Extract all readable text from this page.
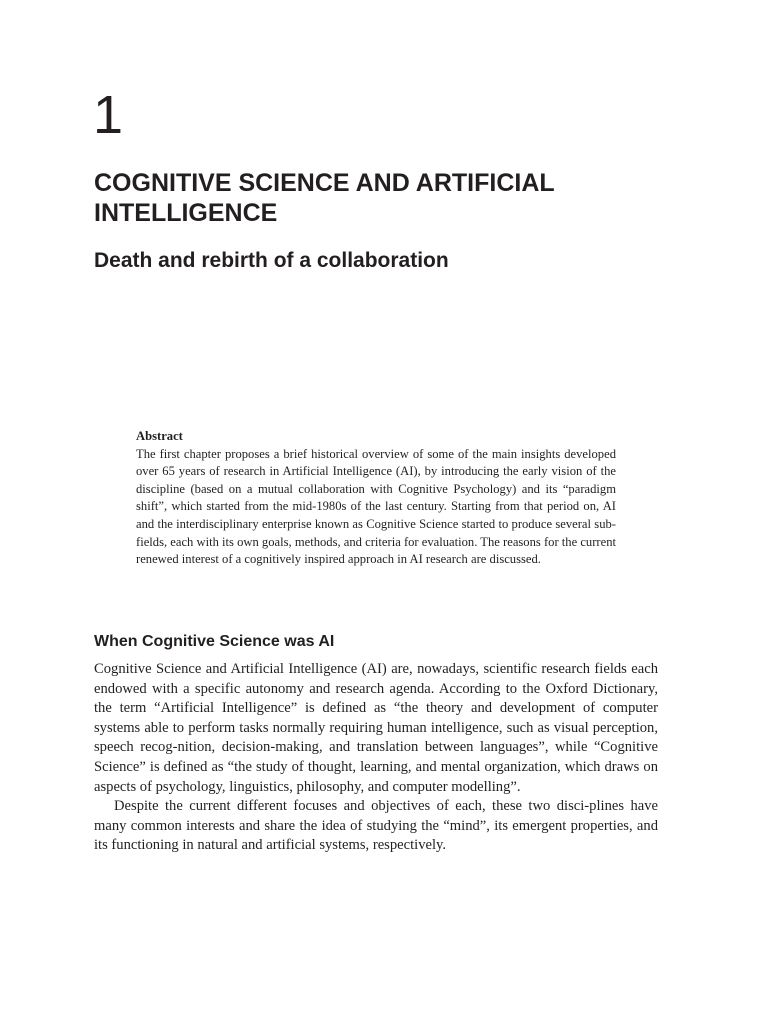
1
COGNITIVE SCIENCE AND ARTIFICIAL INTELLIGENCE
Death and rebirth of a collaboration

Abstract

The first chapter proposes a brief historical overview of some of the main insights developed over 65 years of research in Artificial Intelligence (AI), by introducing the early vision of the discipline (based on a mutual collaboration with Cognitive Psychology) and its “paradigm shift”, which started from the mid-1980s of the last century. Starting from that period on, AI and the interdisciplinary enterprise known as Cognitive Science started to produce several sub-fields, each with its own goals, methods, and criteria for evaluation. The reasons for the current renewed interest of a cognitively inspired approach in AI research are discussed.

When Cognitive Science was AI

Cognitive Science and Artificial Intelligence (AI) are, nowadays, scientific research fields each endowed with a specific autonomy and research agenda. According to the Oxford Dictionary, the term “Artificial Intelligence” is defined as “the theory and development of computer systems able to perform tasks normally requiring human intelligence, such as visual perception, speech recog-nition, decision-making, and translation between languages”, while “Cognitive Science” is defined as “the study of thought, learning, and mental organization, which draws on aspects of psychology, linguistics, philosophy, and computer modelling”.

Despite the current different focuses and objectives of each, these two disci-plines have many common interests and share the idea of studying the “mind”, its emergent properties, and its functioning in natural and artificial systems, respectively.
